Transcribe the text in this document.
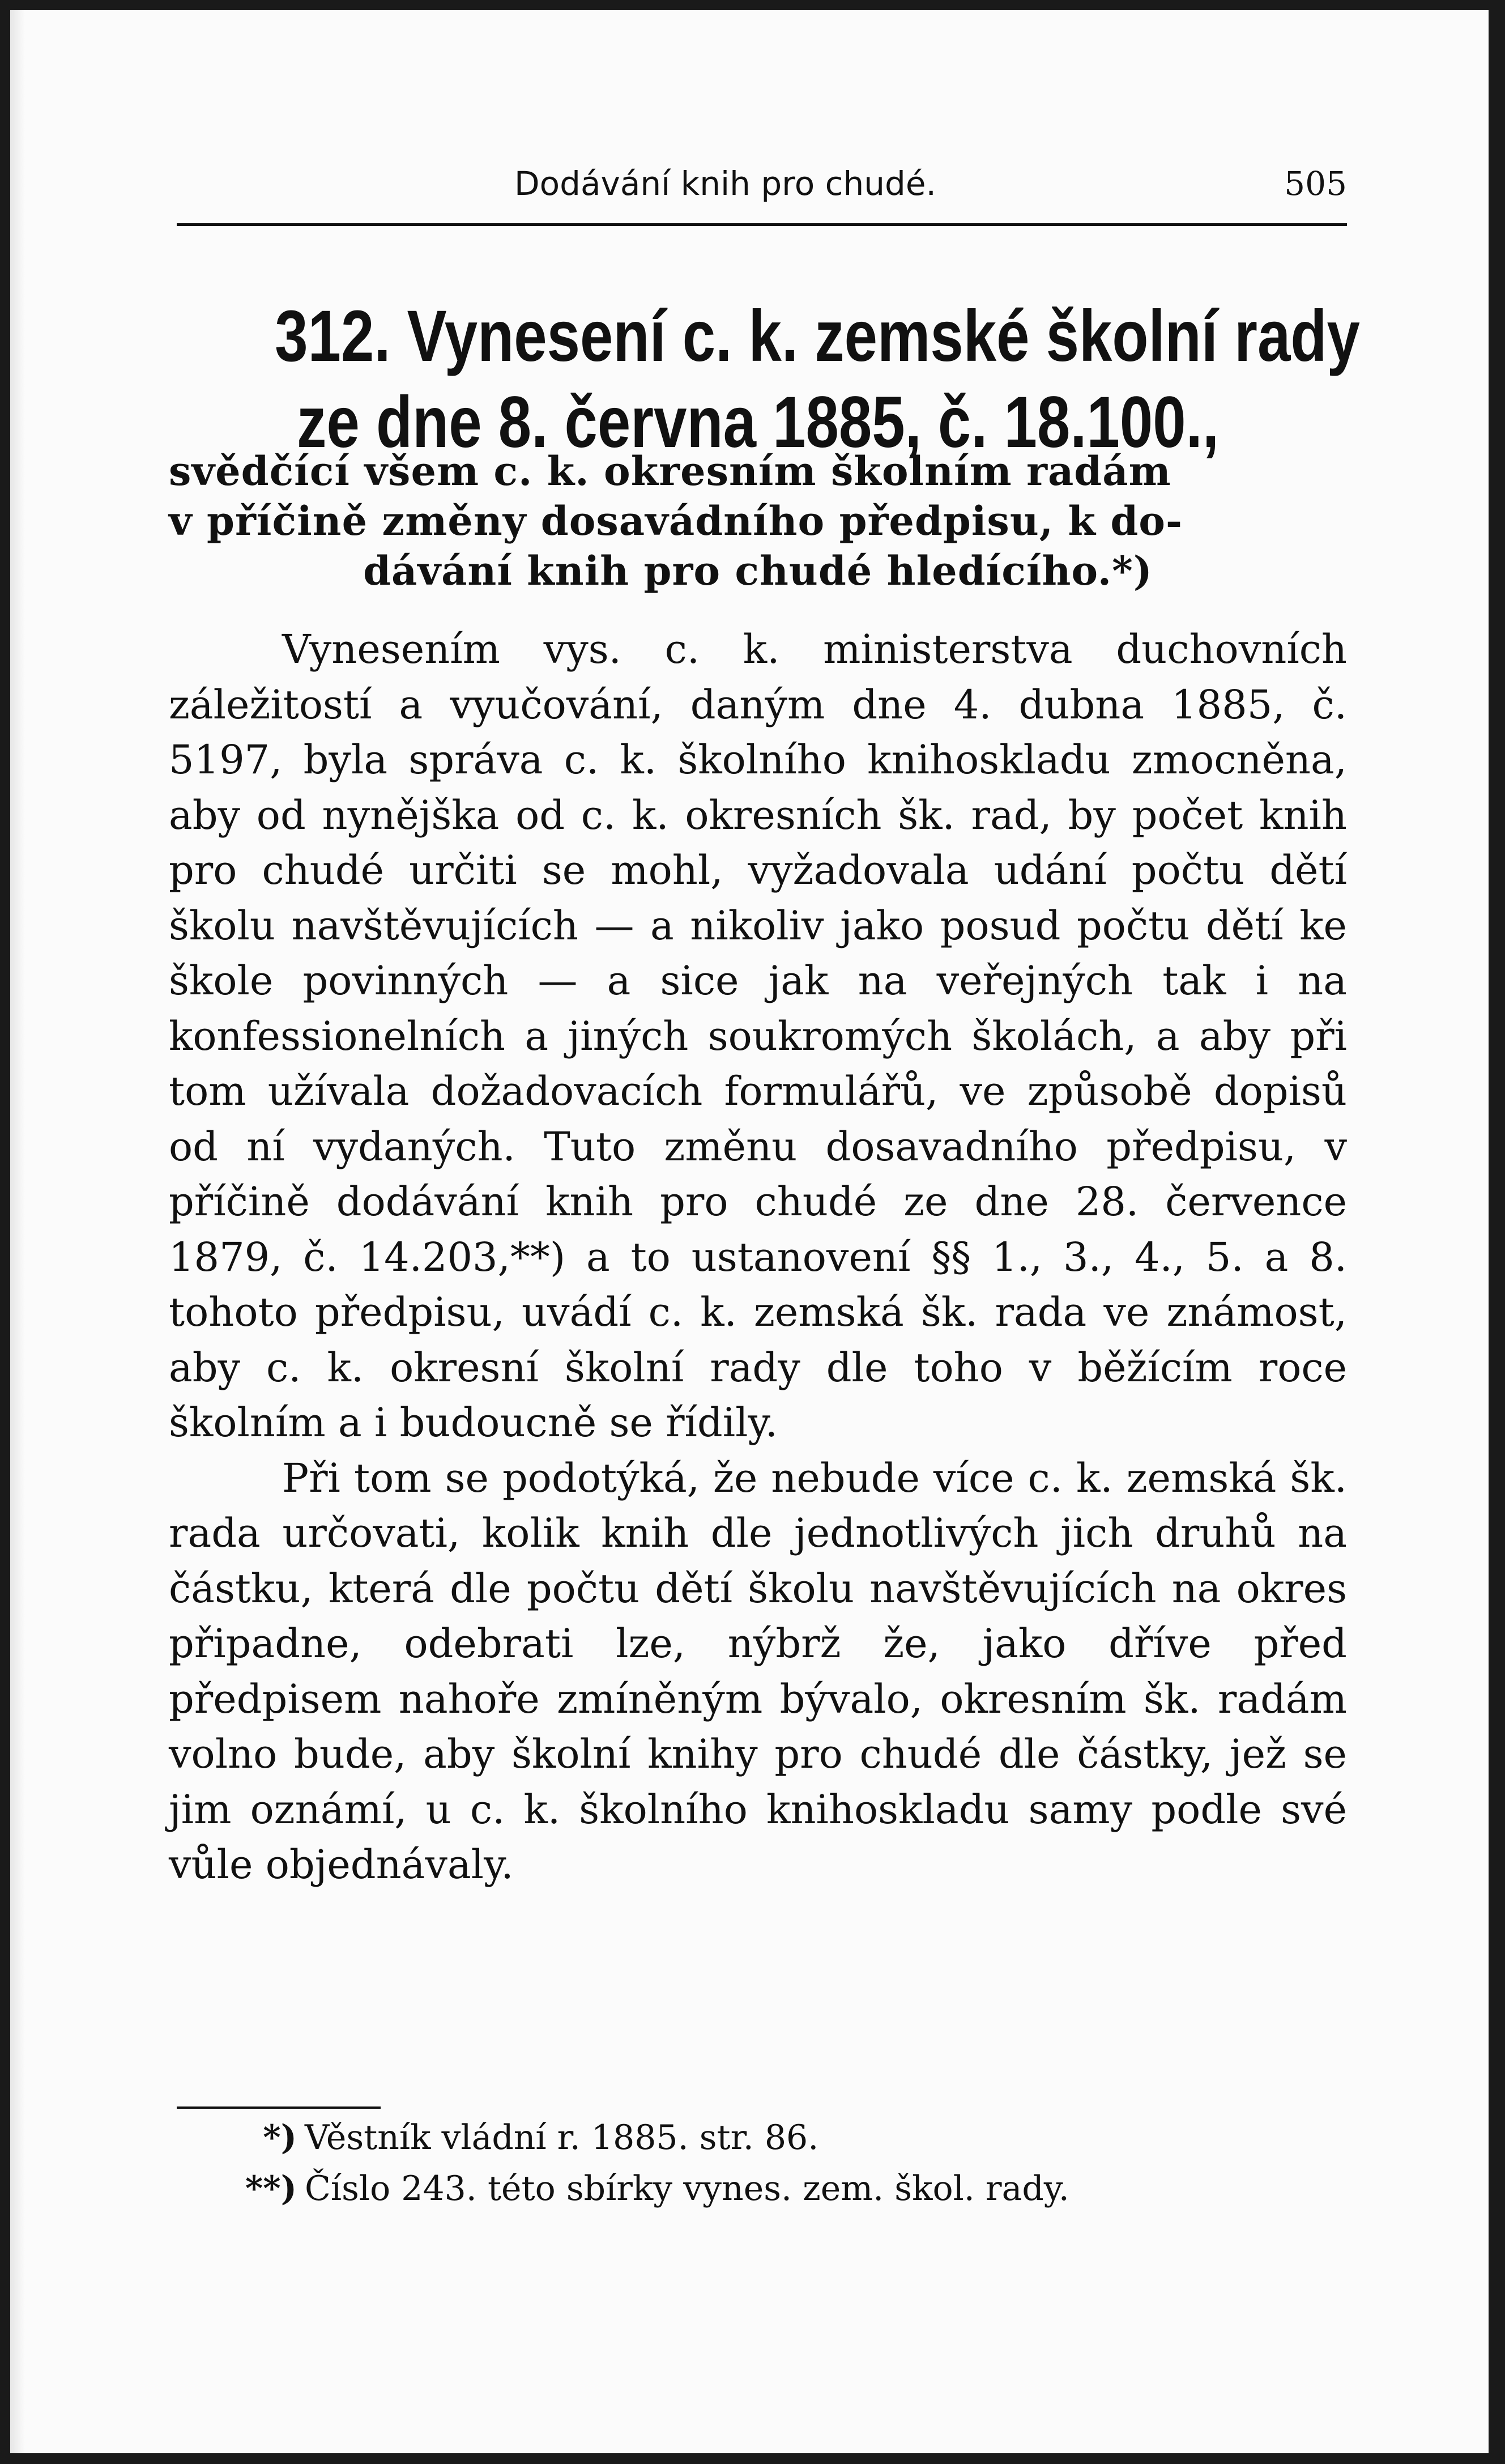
Dodávání knih pro chudé.	505
312. Vynesení c. k. zemské školní rady
ze dne 8. června 1885, č. 18.100.,
svědčící všem c. k. okresním školním radám
v příčině změny dosavádního předpisu, k do-
dávání knih pro chudé hledícího.*)

Vynesením vys. c. k. ministerstva duchovních záležitostí a vyučování, daným dne 4. dubna 1885, č. 5197, byla správa c. k. školního knihoskladu zmocněna, aby od nynějška od c. k. okresních šk. rad, by počet knih pro chudé určiti se mohl, vyžadovala udání počtu dětí školu navštěvujících — a nikoliv jako posud počtu dětí ke škole povinných — a sice jak na veřejných tak i na konfessionelních a jiných soukromých školách, a aby při tom užívala dožadovacích formulářů, ve způsobě dopisů od ní vydaných. Tuto změnu dosavadního předpisu, v příčině dodávání knih pro chudé ze dne 28. července 1879, č. 14.203,**) a to ustanovení §§ 1., 3., 4., 5. a 8. tohoto předpisu, uvádí c. k. zemská šk. rada ve známost, aby c. k. okresní školní rady dle toho v běžícím roce školním a i budoucně se řídily.

Při tom se podotýká, že nebude více c. k. zemská šk. rada určovati, kolik knih dle jednotlivých jich druhů na částku, která dle počtu dětí školu navštěvujících na okres připadne, odebrati lze, nýbrž že, jako dříve před předpisem nahoře zmíněným bývalo, okresním šk. radám volno bude, aby školní knihy pro chudé dle částky, jež se jim oznámí, u c. k. školního knihoskladu samy podle své vůle objednávaly.

*) Věstník vládní r. 1885. str. 86.
**) Číslo 243. této sbírky vynes. zem. škol. rady.
